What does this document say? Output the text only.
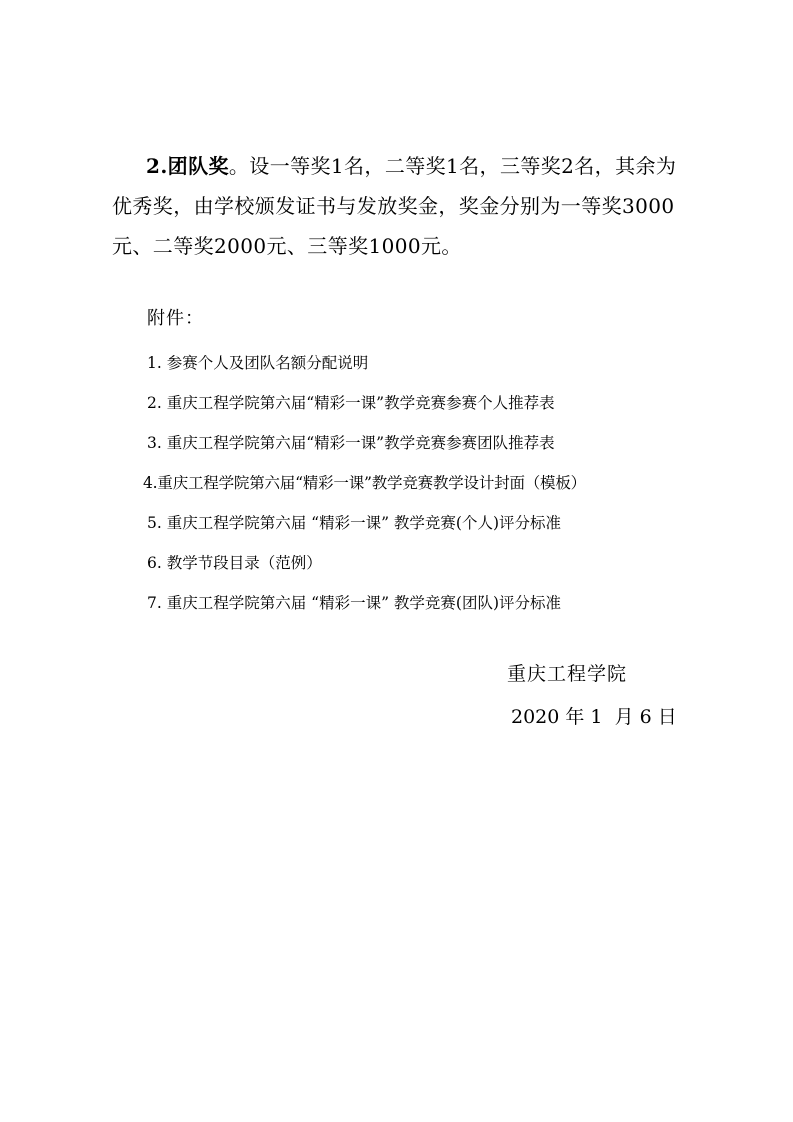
2.团队奖。设一等奖1名，二等奖1名，三等奖2名，其余为优秀奖，由学校颁发证书与发放奖金，奖金分别为一等奖3000元、二等奖2000元、三等奖1000元。
附件：
1. 参赛个人及团队名额分配说明
2. 重庆工程学院第六届“精彩一课”教学竞赛参赛个人推荐表
3. 重庆工程学院第六届“精彩一课”教学竞赛参赛团队推荐表
4.重庆工程学院第六届“精彩一课”教学竞赛教学设计封面（模板）
5. 重庆工程学院第六届 “精彩一课” 教学竞赛(个人)评分标准
6. 教学节段目录（范例）
7. 重庆工程学院第六届 “精彩一课” 教学竞赛(团队)评分标准
重庆工程学院
2020 年 1  月 6 日
